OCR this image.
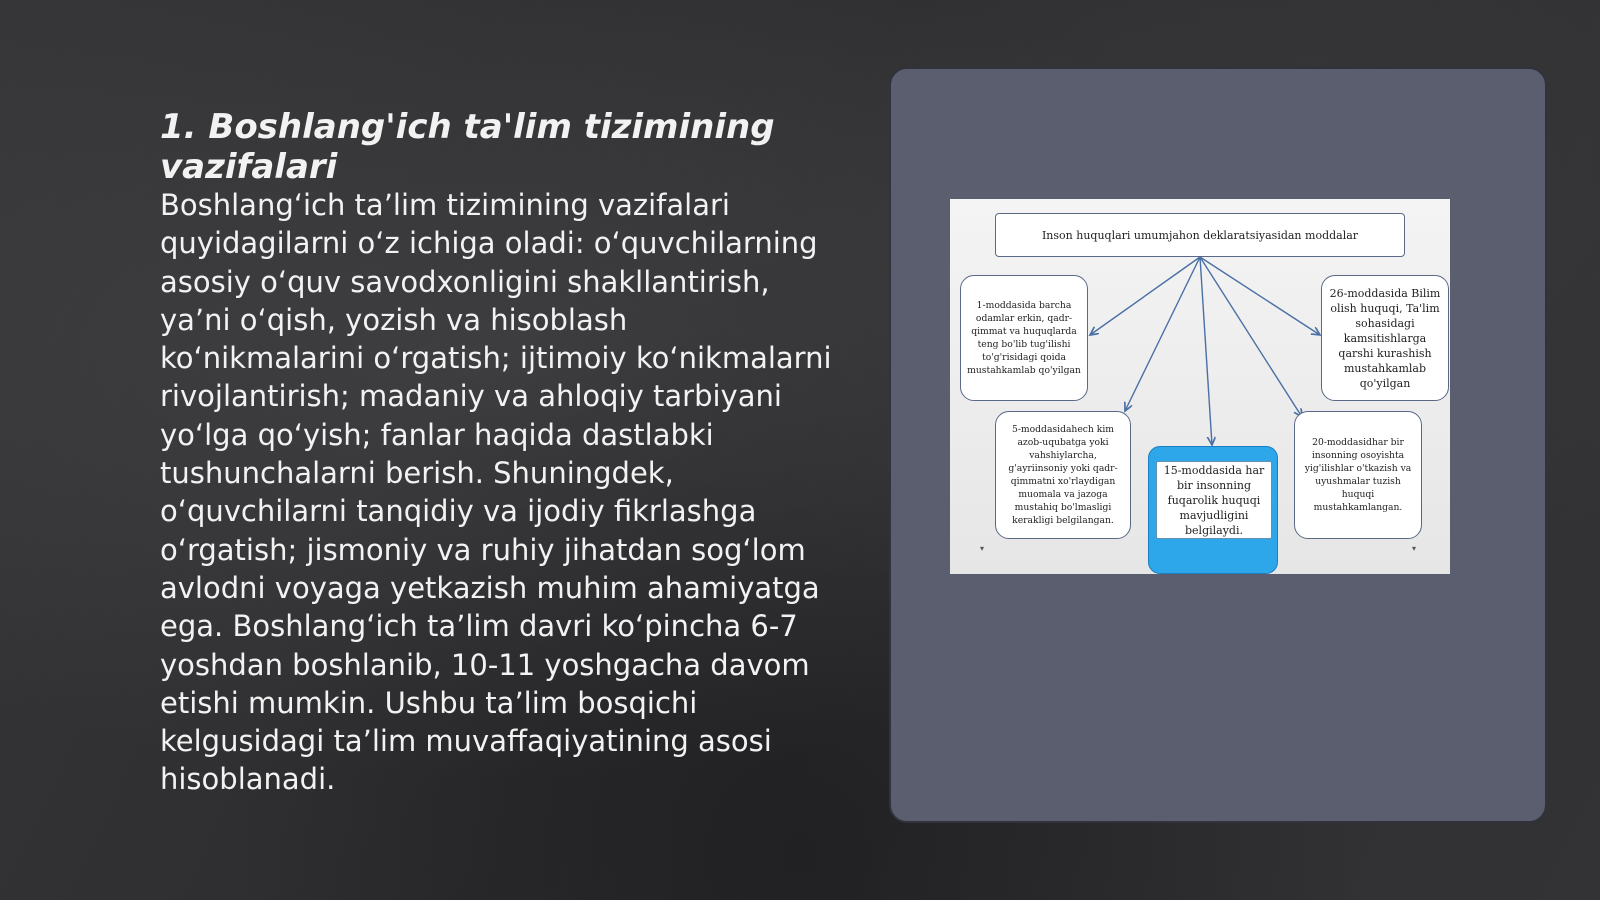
1. Boshlang'ich ta'lim tizimining vazifalari

Boshlang‘ich ta’lim tizimining vazifalari quyidagilarni o‘z ichiga oladi: o‘quvchilarning asosiy o‘quv savodxonligini shakllantirish, ya’ni o‘qish, yozish va hisoblash ko‘nikmalarini o‘rgatish; ijtimoiy ko‘nikmalarni rivojlantirish; madaniy va ahloqiy tarbiyani yo‘lga qo‘yish; fanlar haqida dastlabki tushunchalarni berish. Shuningdek, o‘quvchilarni tanqidiy va ijodiy fikrlashga o‘rgatish; jismoniy va ruhiy jihatdan sog‘lom avlodni voyaga yetkazish muhim ahamiyatga ega. Boshlang‘ich ta’lim davri ko‘pincha 6-7 yoshdan boshlanib, 10-11 yoshgacha davom etishi mumkin. Ushbu ta’lim bosqichi kelgusidagi ta’lim muvaffaqiyatining asosi hisoblanadi.

Inson huquqlari umumjahon deklaratsiyasidan moddalar
1-moddasida barcha odamlar erkin, qadr-qimmat va huquqlarda teng bo'lib tug'ilishi to'g'risidagi qoida mustahkamlab qo'yilgan
26-moddasida Bilim olish huquqi, Ta'lim sohasidagi kamsitishlarga qarshi kurashish mustahkamlab qo'yilgan
5-moddasidahech kim azob-uqubatga yoki vahshiylarcha, g'ayriinsoniy yoki qadr-qimmatni xo'rlaydigan muomala va jazoga mustahiq bo'lmasligi kerakligi belgilangan.
15-moddasida har bir insonning fuqarolik huquqi mavjudligini belgilaydi.
20-moddasidhar bir insonning osoyishta yig'ilishlar o'tkazish va uyushmalar tuzish huquqi mustahkamlangan.
▾	▾
